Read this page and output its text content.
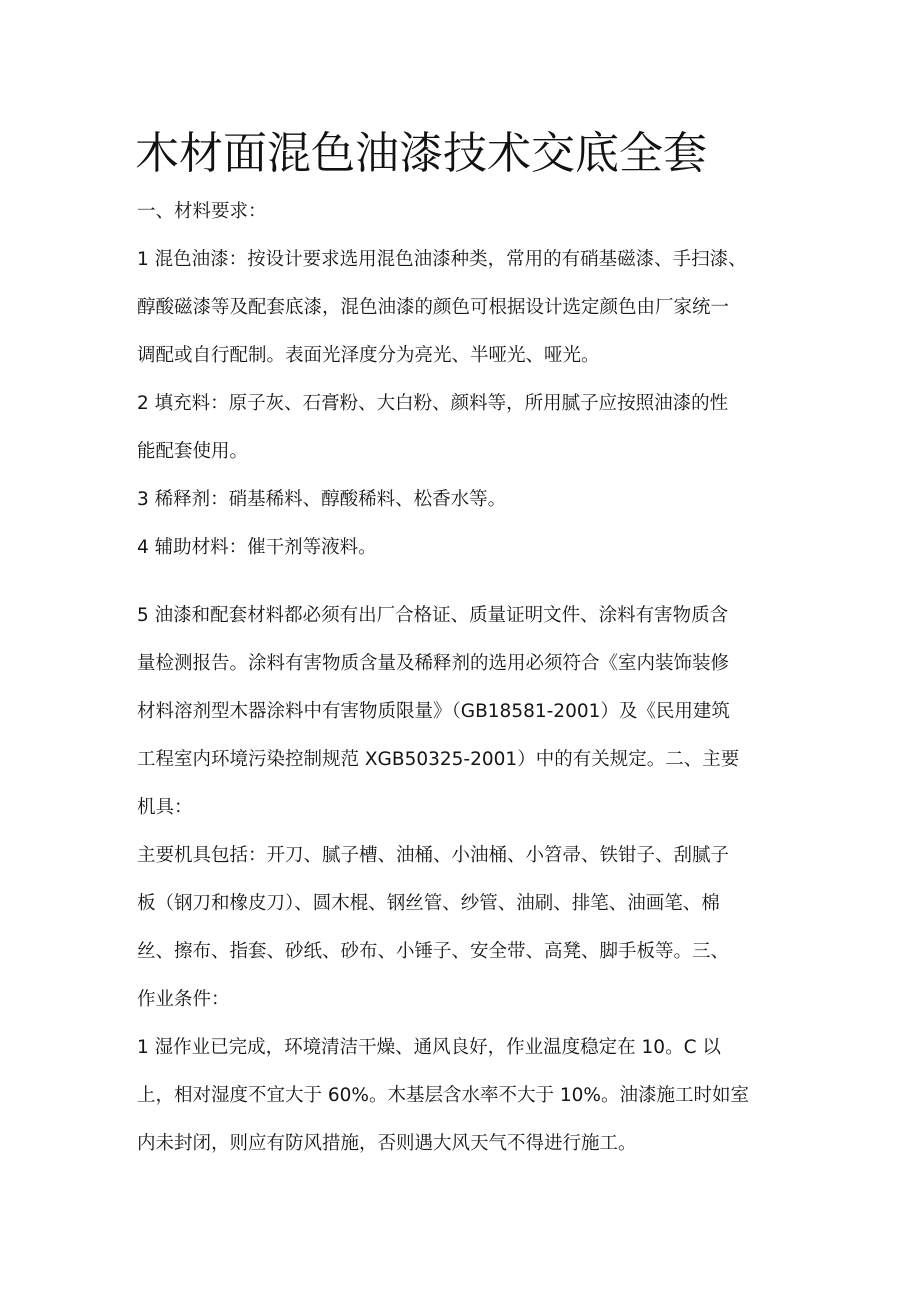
木材面混色油漆技术交底全套
一、材料要求：
1 混色油漆：按设计要求选用混色油漆种类，常用的有硝基磁漆、手扫漆、
醇酸磁漆等及配套底漆，混色油漆的颜色可根据设计选定颜色由厂家统一
调配或自行配制。表面光泽度分为亮光、半哑光、哑光。
2 填充料：原子灰、石膏粉、大白粉、颜料等，所用腻子应按照油漆的性
能配套使用。
3 稀释剂：硝基稀料、醇酸稀料、松香水等。
4 辅助材料：催干剂等液料。
5 油漆和配套材料都必须有出厂合格证、质量证明文件、涂料有害物质含
量检测报告。涂料有害物质含量及稀释剂的选用必须符合《室内装饰装修
材料溶剂型木器涂料中有害物质限量》（GB18581-2001）及《民用建筑
工程室内环境污染控制规范 XGB50325-2001）中的有关规定。二、主要
机具：
主要机具包括：开刀、腻子槽、油桶、小油桶、小笤帚、铁钳子、刮腻子
板（钢刀和橡皮刀）、圆木棍、钢丝管、纱管、油刷、排笔、油画笔、棉
丝、擦布、指套、砂纸、砂布、小锤子、安全带、高凳、脚手板等。三、
作业条件：
1 湿作业已完成，环境清洁干燥、通风良好，作业温度稳定在 10。C 以
上，相对湿度不宜大于 60%。木基层含水率不大于 10%。油漆施工时如室
内未封闭，则应有防风措施，否则遇大风天气不得进行施工。
